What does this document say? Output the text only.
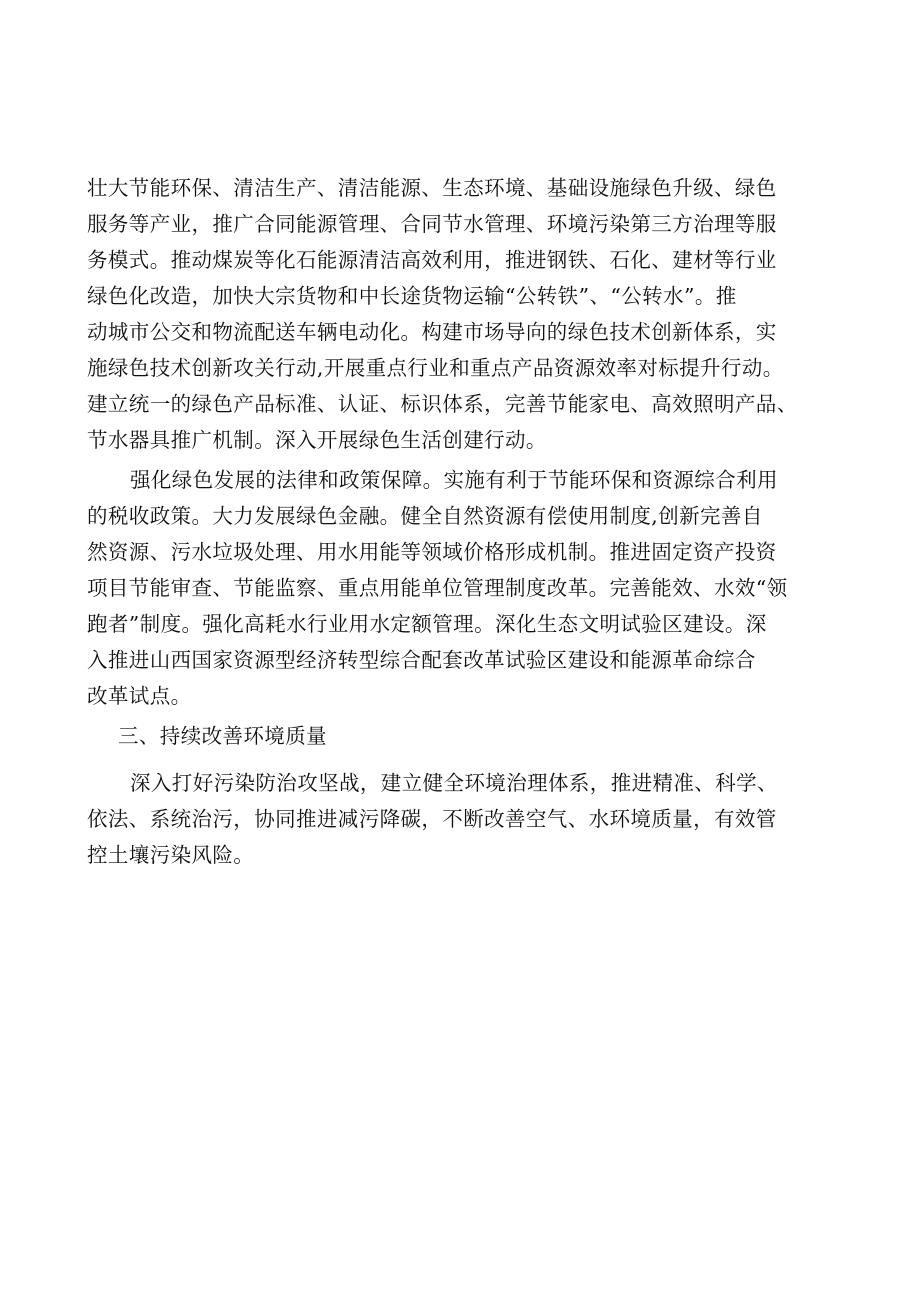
壮大节能环保、清洁生产、清洁能源、生态环境、基础设施绿色升级、绿色
服务等产业，推广合同能源管理、合同节水管理、环境污染第三方治理等服
务模式。推动煤炭等化石能源清洁高效利用，推进钢铁、石化、建材等行业
绿色化改造，加快大宗货物和中长途货物运输“公转铁”、“公转水”。推
动城市公交和物流配送车辆电动化。构建市场导向的绿色技术创新体系，实
施绿色技术创新攻关行动,开展重点行业和重点产品资源效率对标提升行动。
建立统一的绿色产品标准、认证、标识体系，完善节能家电、高效照明产品、
节水器具推广机制。深入开展绿色生活创建行动。
强化绿色发展的法律和政策保障。实施有利于节能环保和资源综合利用
的税收政策。大力发展绿色金融。健全自然资源有偿使用制度,创新完善自
然资源、污水垃圾处理、用水用能等领域价格形成机制。推进固定资产投资
项目节能审查、节能监察、重点用能单位管理制度改革。完善能效、水效“领
跑者”制度。强化高耗水行业用水定额管理。深化生态文明试验区建设。深
入推进山西国家资源型经济转型综合配套改革试验区建设和能源革命综合
改革试点。
三、持续改善环境质量
深入打好污染防治攻坚战，建立健全环境治理体系，推进精准、科学、
依法、系统治污，协同推进减污降碳，不断改善空气、水环境质量，有效管
控土壤污染风险。
